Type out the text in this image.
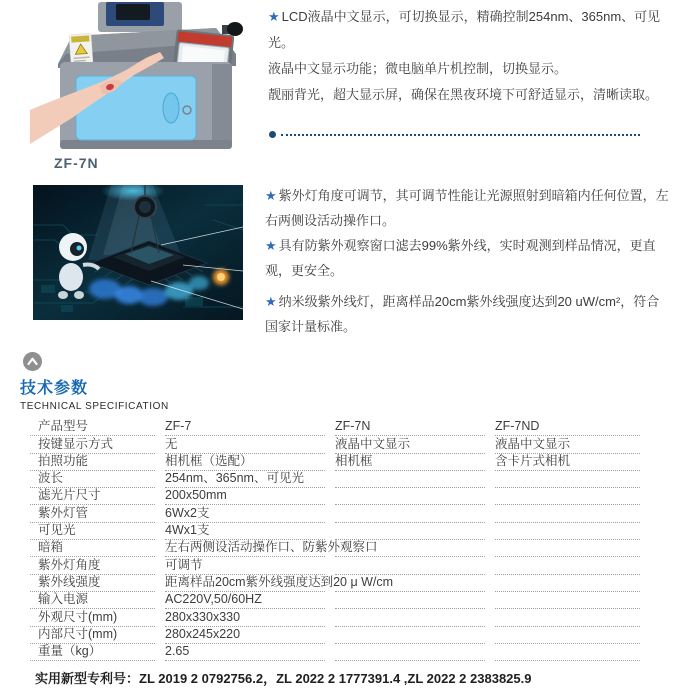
ZF-7N

★ LCD液晶中文显示，可切换显示，精确控制254nm、365nm、可见光。

液晶中文显示功能；微电脑单片机控制，切换显示。

靓丽背光，超大显示屏，确保在黑夜环境下可舒适显示，清晰读取。

★ 紫外灯角度可调节，其可调节性能让光源照射到暗箱内任何位置，左右两侧设活动操作口。

★ 具有防紫外观察窗口滤去99%紫外线，实时观测到样品情况，更直观，更安全。

★ 纳米级紫外线灯，距离样品20cm紫外线强度达到20 uW/cm²，符合国家计量标准。

技术参数
TECHNICAL SPECIFICATION
产品型号	ZF-7	ZF-7N	ZF-7ND
按键显示方式	无	液晶中文显示	液晶中文显示
拍照功能	相机框（选配）	相机框	含卡片式相机
波长	254nm、365nm、可见光
滤光片尺寸	200x50mm
紫外灯管	6Wx2支
可见光	4Wx1支
暗箱	左右两侧设活动操作口、防紫外观察口
紫外灯角度	可调节
紫外线强度	距离样品20cm紫外线强度达到20 μ W/cm
输入电源	AC220V,50/60HZ
外观尺寸(mm)	280x330x330
内部尺寸(mm)	280x245x220
重量（kg）	2.65
实用新型专利号：ZL 2019 2 0792756.2，ZL 2022 2 1777391.4 ,ZL 2022 2 2383825.9
